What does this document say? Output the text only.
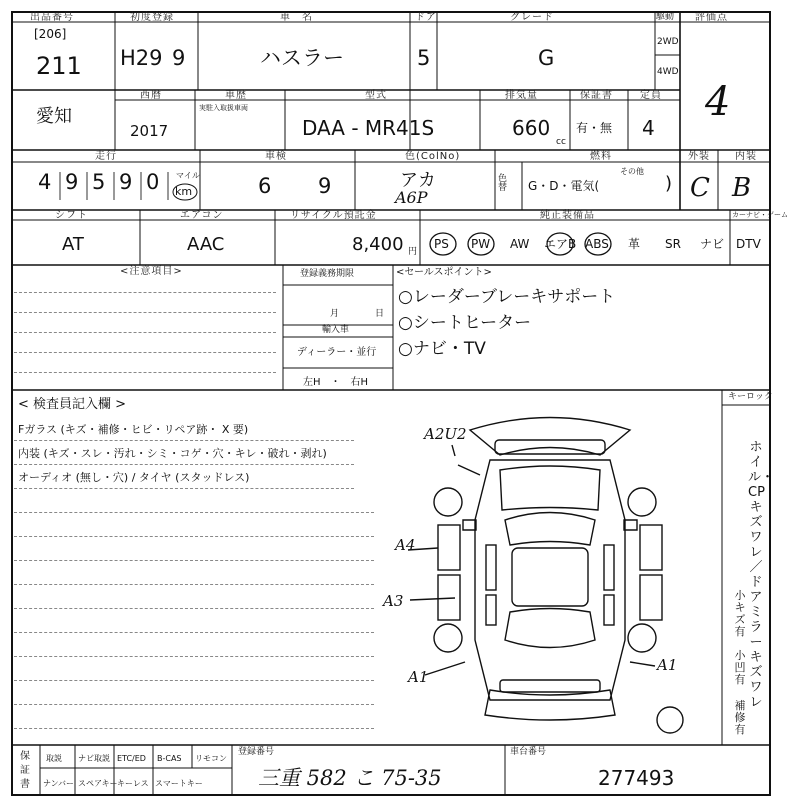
出品番号
[206]
211
初度登録
H29 9
車　名
ハスラー
ドア
5
グレード
G
駆動
2WD
4WD
評価点
4
愛知
西暦
2017
車歴
実駐入取扱車両
型式
DAA - MR41S
排気量
660
cc
保証書
有・無
定員
4
走行
4 9 5 9 0 マイル
km
車検
6 9
色(ColNo)
アカ
A6P
色替
燃料
G・D・電気(
その他
)
外装
C
内装
B
シフト
AT
エアコン
AAC
リサイクル預託金
8,400 円
純正装備品	カーナビ・ゲーム
PS PW AW エアB ABS 革 SR ナビ DTV
<注意項目>	登録義務期限
月	日
輸入車
ディーラー・並行
左H　・　右H
<セールスポイント>
○レーダーブレーキサポート
○シートヒーター
○ナビ・TV
< 検査員記入欄 >
Fガラス (キズ・補修・ヒビ・リペア跡・ X 要)
内装 (キズ・スレ・汚れ・シミ・コゲ・穴・キレ・破れ・剥れ)
オーディオ (無し・穴) / タイヤ (スタッドレス)
キーロック
A2U2
A4
A3
A1
A1
ホイル・CPキズ ワレ／ドアミラーキズ ワレ
小キズ有
小凹有
補修有
保証書
取説 ナビ取説 ETC/ED B-CAS リモコン
ナンバー スペアキー キーレス スマートキー
登録番号
三重 582 こ 75-35
車台番号
277493
